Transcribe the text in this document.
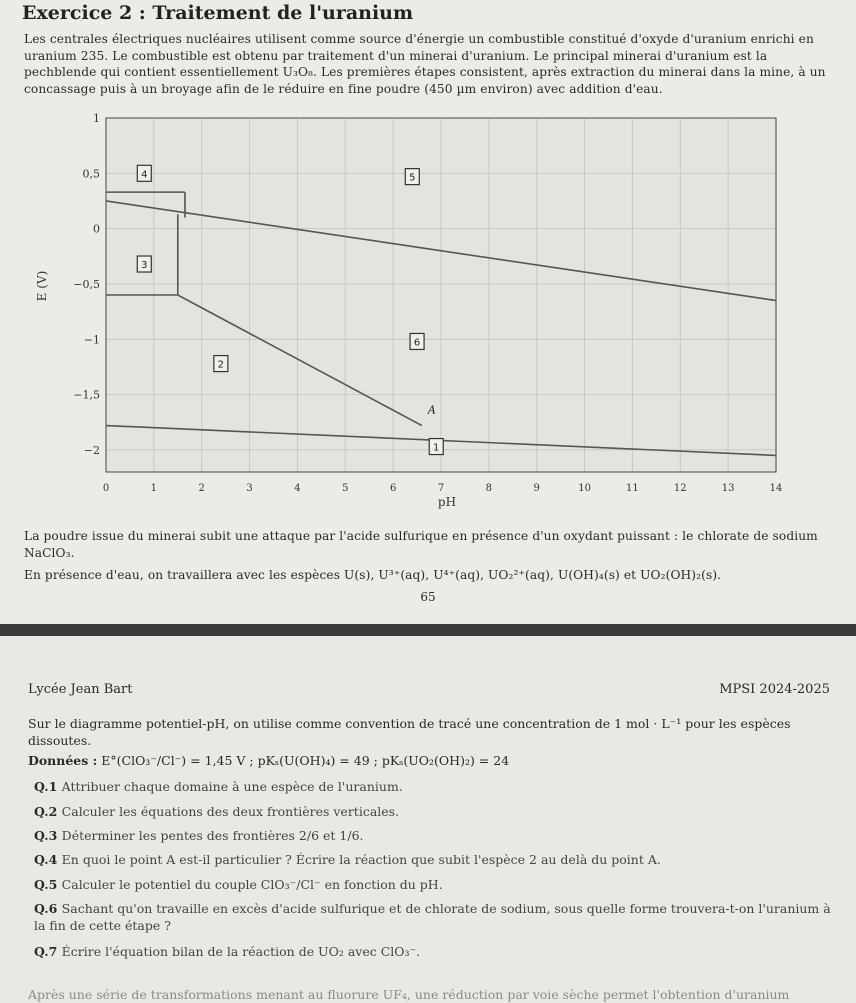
Exercice 2 : Traitement de l'uranium
Les centrales électriques nucléaires utilisent comme source d'énergie un combustible constitué d'oxyde d'uranium enrichi en uranium 235. Le combustible est obtenu par traitement d'un minerai d'uranium. Le principal minerai d'uranium est la pechblende qui contient essentiellement U₃O₈. Les premières étapes consistent, après extraction du minerai dans la mine, à un concassage puis à un broyage afin de le réduire en fine poudre (450 µm environ) avec addition d'eau.
0	1	2	3	4	5	6	7	8	9	10	11	12	13	14
1
0,5
0
−0,5
−1
−1,5
−2
4	5
3
6
2
1
A
pH
E (V)
La poudre issue du minerai subit une attaque par l'acide sulfurique en présence d'un oxydant puissant : le chlorate de sodium NaClO₃.
En présence d'eau, on travaillera avec les espèces U(s), U³⁺(aq), U⁴⁺(aq), UO₂²⁺(aq), U(OH)₄(s) et UO₂(OH)₂(s).
65
Lycée Jean Bart	MPSI 2024-2025
Sur le diagramme potentiel-pH, on utilise comme convention de tracé une concentration de 1 mol · L⁻¹ pour les espèces dissoutes.
Données : E°(ClO₃⁻/Cl⁻) = 1,45 V ; pKₛ(U(OH)₄) = 49 ; pKₛ(UO₂(OH)₂) = 24
Q.1 Attribuer chaque domaine à une espèce de l'uranium.
Q.2 Calculer les équations des deux frontières verticales.
Q.3 Déterminer les pentes des frontières 2/6 et 1/6.
Q.4 En quoi le point A est-il particulier ? Écrire la réaction que subit l'espèce 2 au delà du point A.
Q.5 Calculer le potentiel du couple ClO₃⁻/Cl⁻ en fonction du pH.
Q.6 Sachant qu'on travaille en excès d'acide sulfurique et de chlorate de sodium, sous quelle forme trouvera-t-on l'uranium à la fin de cette étape ?
Q.7 Écrire l'équation bilan de la réaction de UO₂ avec ClO₃⁻.
Après une série de transformations menant au fluorure UF₄, une réduction par voie sèche permet l'obtention d'uranium
